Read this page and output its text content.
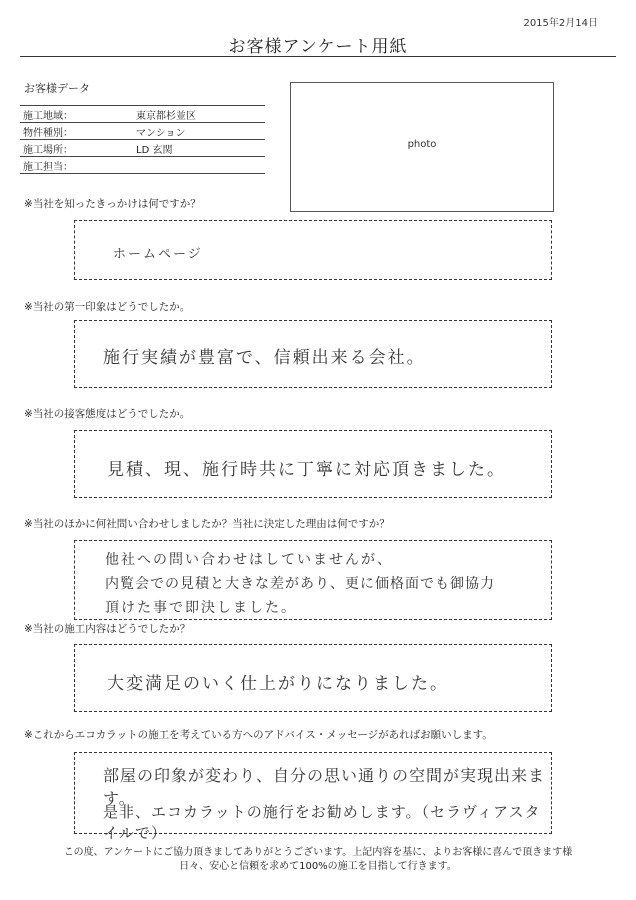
2015年2月14日
お客様アンケート用紙
お客様データ
施工地域：	東京都杉並区
物件種別：	マンション
施工場所：	LD 玄関
施工担当：	
photo
※当社を知ったきっかけは何ですか？
ホームページ
※当社の第一印象はどうでしたか。
施行実績が豊富で、信頼出来る会社。
※当社の接客態度はどうでしたか。
見積、現、施行時共に丁寧に対応頂きました。
※当社のほかに何社問い合わせしましたか？当社に決定した理由は何ですか？
他社への問い合わせはしていませんが、
内覧会での見積と大きな差があり、更に価格面でも御協力
頂けた事で即決しました。
※当社の施工内容はどうでしたか？
大変満足のいく仕上がりになりました。
※これからエコカラットの施工を考えている方へのアドバイス・メッセージがあればお願いします。
部屋の印象が変わり、自分の思い通りの空間が実現出来ます。
是非、エコカラットの施行をお勧めします。（セラヴィアスタイルで）
この度、アンケートにご協力頂きましてありがとうございます。上記内容を基に、よりお客様に喜んで頂きます様
日々、安心と信頼を求めて100%の施工を目指して行きます。
